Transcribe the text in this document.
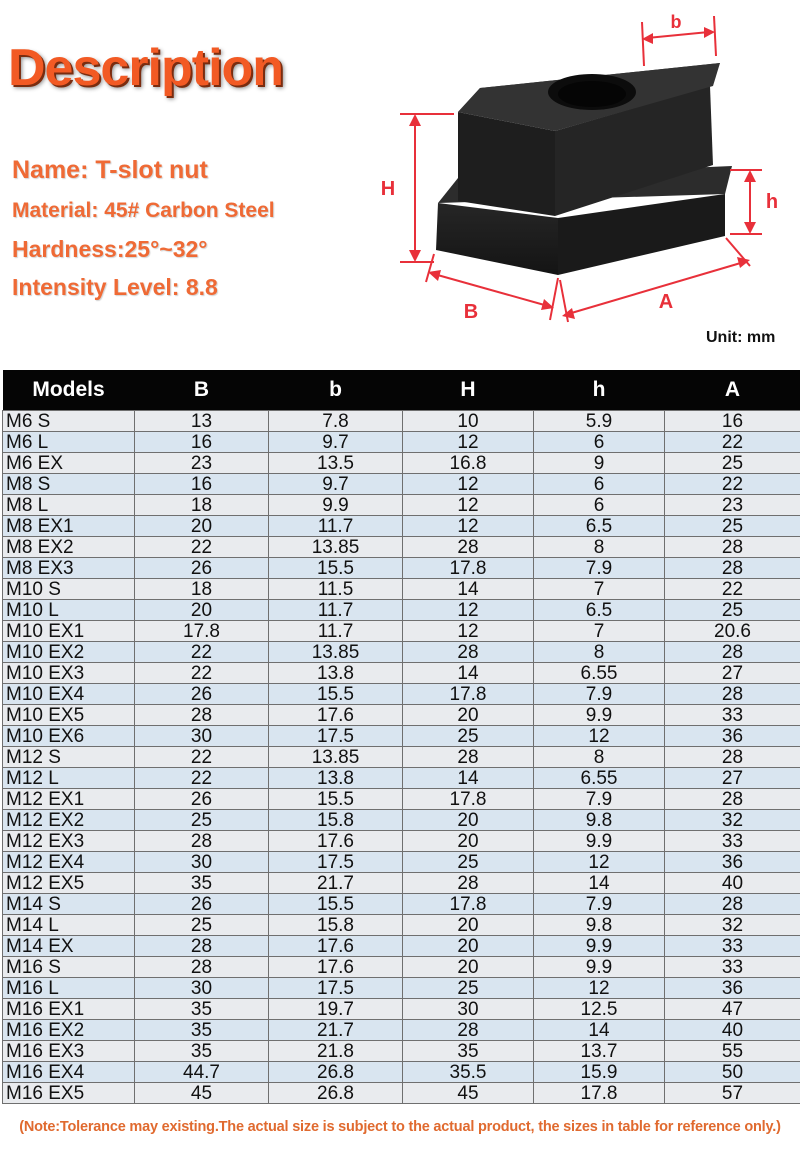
Description
Name: T-slot nut
Material: 45# Carbon Steel
Hardness:25°~32°
Intensity Level: 8.8
b
H
h
B	A
Unit: mm
Models	B	b	H	h	A
M6 S	13	7.8	10	5.9	16
M6 L	16	9.7	12	6	22
M6 EX	23	13.5	16.8	9	25
M8 S	16	9.7	12	6	22
M8 L	18	9.9	12	6	23
M8 EX1	20	11.7	12	6.5	25
M8 EX2	22	13.85	28	8	28
M8 EX3	26	15.5	17.8	7.9	28
M10 S	18	11.5	14	7	22
M10 L	20	11.7	12	6.5	25
M10 EX1	17.8	11.7	12	7	20.6
M10 EX2	22	13.85	28	8	28
M10 EX3	22	13.8	14	6.55	27
M10 EX4	26	15.5	17.8	7.9	28
M10 EX5	28	17.6	20	9.9	33
M10 EX6	30	17.5	25	12	36
M12 S	22	13.85	28	8	28
M12 L	22	13.8	14	6.55	27
M12 EX1	26	15.5	17.8	7.9	28
M12 EX2	25	15.8	20	9.8	32
M12 EX3	28	17.6	20	9.9	33
M12 EX4	30	17.5	25	12	36
M12 EX5	35	21.7	28	14	40
M14 S	26	15.5	17.8	7.9	28
M14 L	25	15.8	20	9.8	32
M14 EX	28	17.6	20	9.9	33
M16 S	28	17.6	20	9.9	33
M16 L	30	17.5	25	12	36
M16 EX1	35	19.7	30	12.5	47
M16 EX2	35	21.7	28	14	40
M16 EX3	35	21.8	35	13.7	55
M16 EX4	44.7	26.8	35.5	15.9	50
M16 EX5	45	26.8	45	17.8	57
(Note:Tolerance may existing.The actual size is subject to the actual product, the sizes in table for reference only.)
